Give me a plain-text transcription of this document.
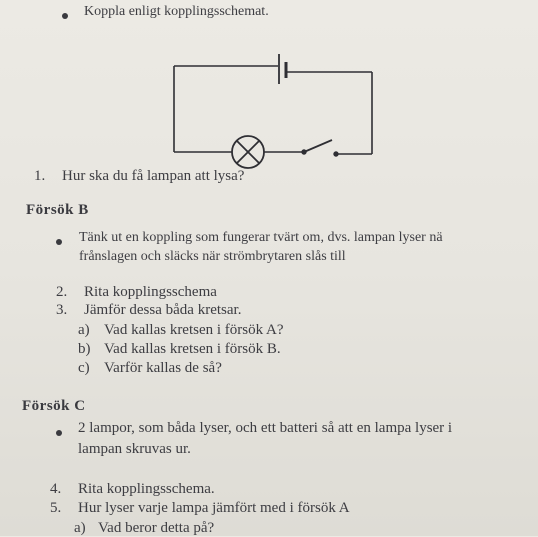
Koppla enligt kopplingsschemat.
1. Hur ska du få lampan att lysa?
Försök B
Tänk ut en koppling som fungerar tvärt om, dvs. lampan lyser nä
frånslagen och släcks när strömbrytaren slås till
2. Rita kopplingsschema
3. Jämför dessa båda kretsar.
a) Vad kallas kretsen i försök A?
b) Vad kallas kretsen i försök B.
c) Varför kallas de så?
Försök C
2 lampor, som båda lyser, och ett batteri så att en lampa lyser i
lampan skruvas ur.
4. Rita kopplingsschema.
5. Hur lyser varje lampa jämfört med i försök A
a) Vad beror detta på?
